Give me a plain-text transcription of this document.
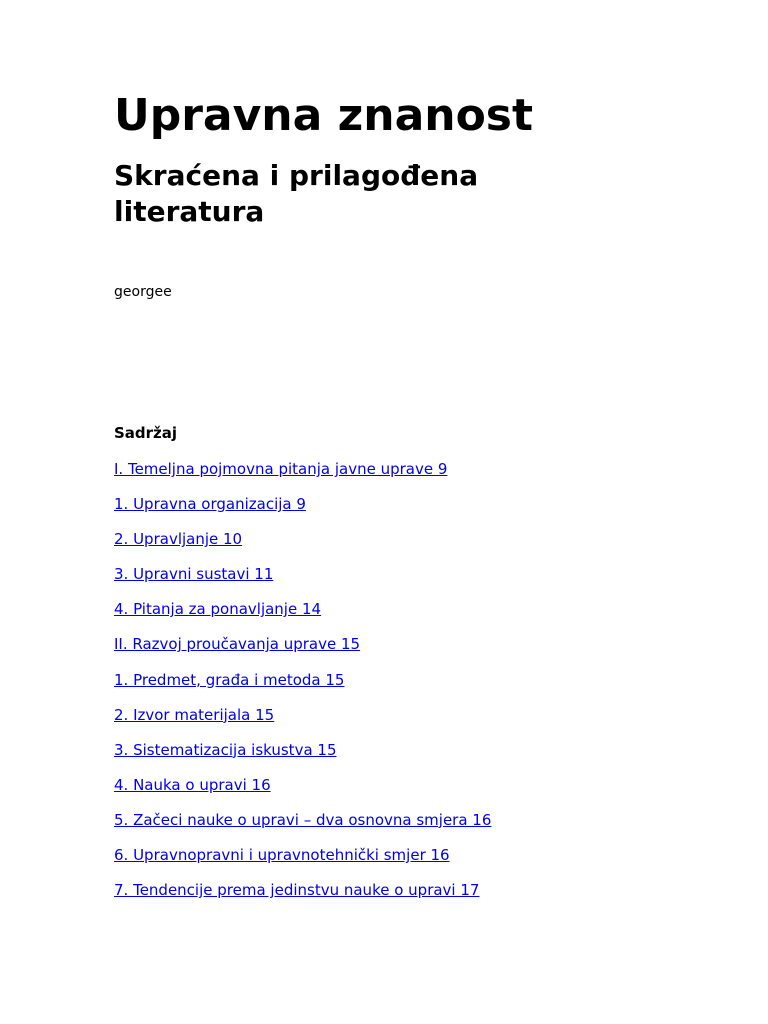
Upravna znanost
Skraćena i prilagođena literatura

georgee

Sadržaj

I. Temeljna pojmovna pitanja javne uprave 9
1. Upravna organizacija 9
2. Upravljanje 10
3. Upravni sustavi 11
4. Pitanja za ponavljanje 14
II. Razvoj proučavanja uprave 15
1. Predmet, građa i metoda 15
2. Izvor materijala 15
3. Sistematizacija iskustva 15
4. Nauka o upravi 16
5. Začeci nauke o upravi – dva osnovna smjera 16
6. Upravnopravni i upravnotehnički smjer 16
7. Tendencije prema jedinstvu nauke o upravi 17
